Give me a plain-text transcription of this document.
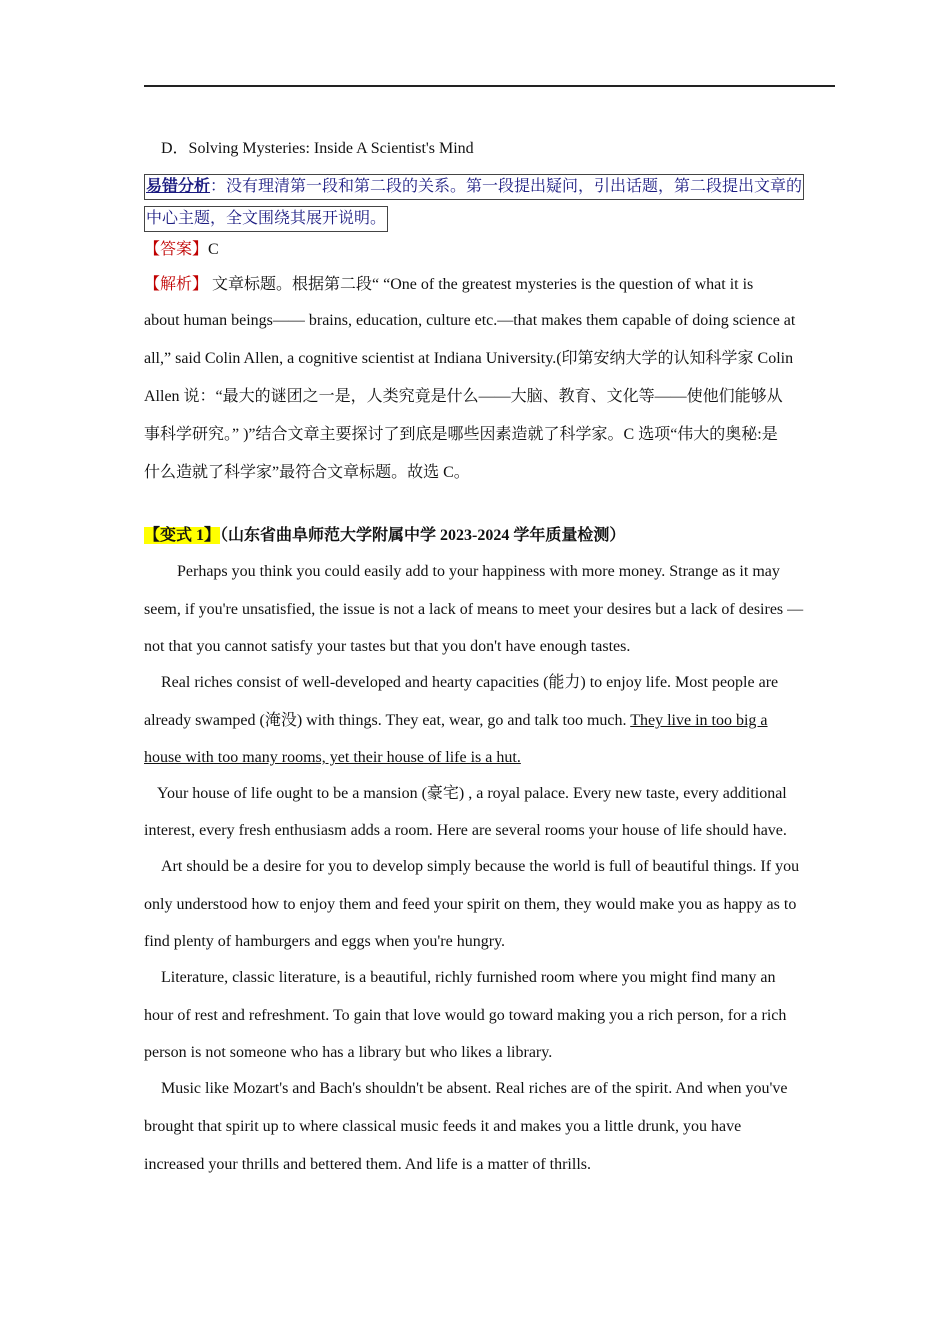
D．Solving Mysteries: Inside A Scientist's Mind
易错分析：没有理清第一段和第二段的关系。第一段提出疑问，引出话题，第二段提出文章的
中心主题，全文围绕其展开说明。
【答案】C
【解析】 文章标题。根据第二段“ “One of the greatest mysteries is the question of what it is
about human beings—— brains, education, culture etc.—that makes them capable of doing science at
all,” said Colin Allen, a cognitive scientist at Indiana University.(印第安纳大学的认知科学家 Colin
Allen 说：“最大的谜团之一是，人类究竟是什么——大脑、教育、文化等——使他们能够从
事科学研究。” )”结合文章主要探讨了到底是哪些因素造就了科学家。C 选项“伟大的奥秘:是
什么造就了科学家”最符合文章标题。故选 C。
【变式 1】（山东省曲阜师范大学附属中学 2023-2024 学年质量检测）
Perhaps you think you could easily add to your happiness with more money. Strange as it may
seem, if you're unsatisfied, the issue is not a lack of means to meet your desires but a lack of desires —
not that you cannot satisfy your tastes but that you don't have enough tastes.
Real riches consist of well-developed and hearty capacities (能力) to enjoy life. Most people are
already swamped (淹没) with things. They eat, wear, go and talk too much. They live in too big a
house with too many rooms, yet their house of life is a hut.
Your house of life ought to be a mansion (豪宅) , a royal palace. Every new taste, every additional
interest, every fresh enthusiasm adds a room. Here are several rooms your house of life should have.
Art should be a desire for you to develop simply because the world is full of beautiful things. If you
only understood how to enjoy them and feed your spirit on them, they would make you as happy as to
find plenty of hamburgers and eggs when you're hungry.
Literature, classic literature, is a beautiful, richly furnished room where you might find many an
hour of rest and refreshment. To gain that love would go toward making you a rich person, for a rich
person is not someone who has a library but who likes a library.
Music like Mozart's and Bach's shouldn't be absent. Real riches are of the spirit. And when you've
brought that spirit up to where classical music feeds it and makes you a little drunk, you have
increased your thrills and bettered them. And life is a matter of thrills.
